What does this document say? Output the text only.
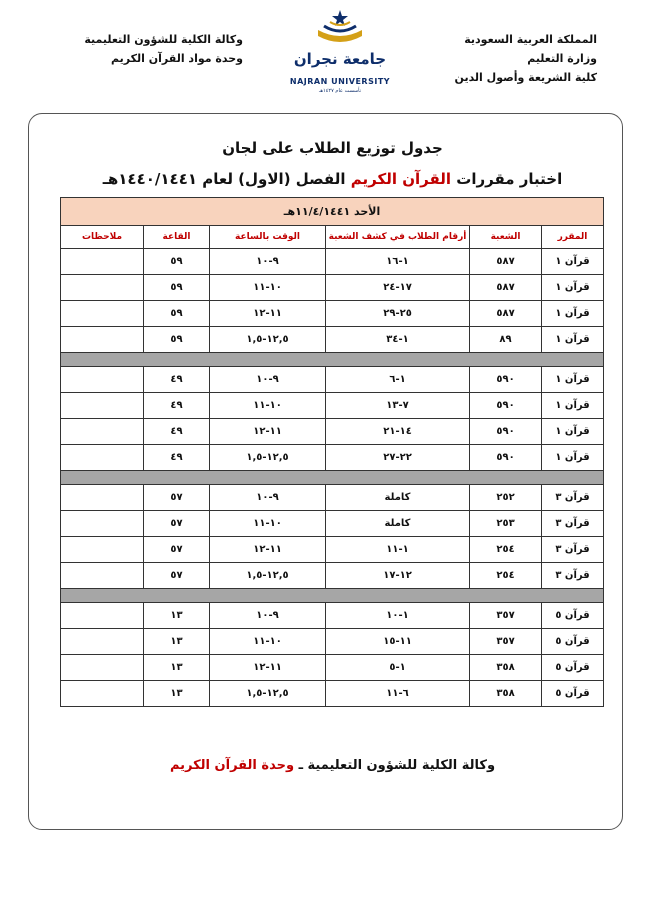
المملكة العربية السعودية
وزارة التعليم
كلية الشريعة وأصول الدين
جامعة نجران
NAJRAN UNIVERSITY
تأسست عام ١٤٢٧هـ
وكالة الكلية للشؤون التعليمية
وحدة مواد القرآن الكريم
جدول توزيع الطلاب على لجان
اختبار مقررات القرآن الكريم الفصل (الاول) لعام ١٤٤٠/١٤٤١هـ
الأحد ١١/٤/١٤٤١هـ					
المقرر	الشعبة	أرقام الطلاب في كشف الشعبة	الوقت بالساعة	القاعة	ملاحظات
قرآن ١	٥٨٧	١-١٦	٩-١٠	٥٩	
قرآن ١	٥٨٧	١٧-٢٤	١٠-١١	٥٩	
قرآن ١	٥٨٧	٢٥-٢٩	١١-١٢	٥٩	
قرآن ١	٨٩	١-٣٤	١٢,٥-١,٥	٥٩	

قرآن ١	٥٩٠	١-٦	٩-١٠	٤٩	
قرآن ١	٥٩٠	٧-١٣	١٠-١١	٤٩	
قرآن ١	٥٩٠	١٤-٢١	١١-١٢	٤٩	
قرآن ١	٥٩٠	٢٢-٢٧	١٢,٥-١,٥	٤٩	

قرآن ٣	٢٥٢	كاملة	٩-١٠	٥٧	
قرآن ٣	٢٥٣	كاملة	١٠-١١	٥٧	
قرآن ٣	٢٥٤	١-١١	١١-١٢	٥٧	
قرآن ٣	٢٥٤	١٢-١٧	١٢,٥-١,٥	٥٧	

قرآن ٥	٣٥٧	١-١٠	٩-١٠	١٣	
قرآن ٥	٣٥٧	١١-١٥	١٠-١١	١٣	
قرآن ٥	٣٥٨	١-٥	١١-١٢	١٣	
قرآن ٥	٣٥٨	٦-١١	١٢,٥-١,٥	١٣	
وكالة الكلية للشؤون التعليمية ـ وحدة القرآن الكريم
